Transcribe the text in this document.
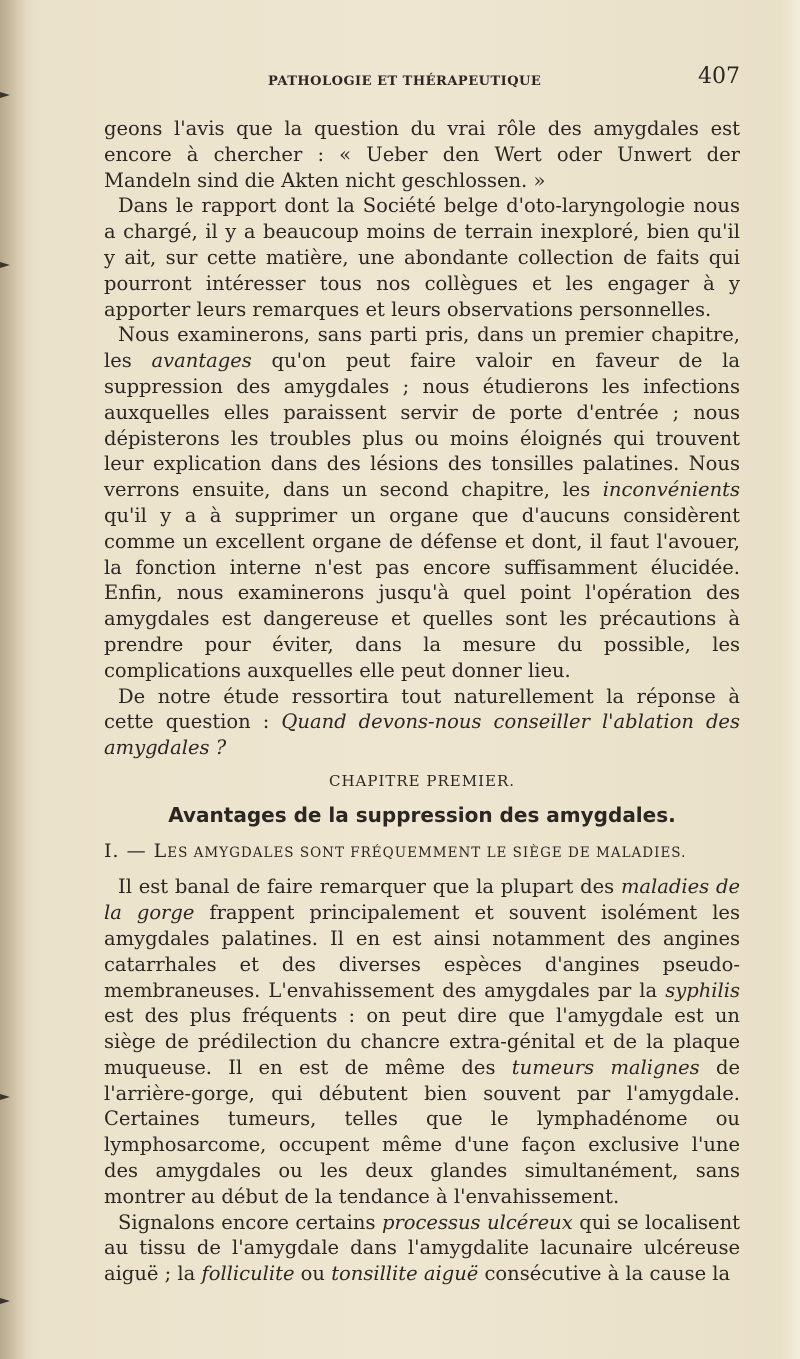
PATHOLOGIE ET THÉRAPEUTIQUE	407

geons l'avis que la question du vrai rôle des amygdales est encore à chercher : « Ueber den Wert oder Unwert der Mandeln sind die Akten nicht geschlossen. »

Dans le rapport dont la Société belge d'oto-laryngologie nous a chargé, il y a beaucoup moins de terrain inexploré, bien qu'il y ait, sur cette matière, une abondante collection de faits qui pourront intéresser tous nos collègues et les engager à y apporter leurs remarques et leurs observations personnelles.

Nous examinerons, sans parti pris, dans un premier chapitre, les avantages qu'on peut faire valoir en faveur de la suppression des amygdales ; nous étudierons les infections auxquelles elles paraissent servir de porte d'entrée ; nous dépisterons les troubles plus ou moins éloignés qui trouvent leur explication dans des lésions des tonsilles palatines. Nous verrons ensuite, dans un second chapitre, les inconvénients qu'il y a à supprimer un organe que d'aucuns considèrent comme un excellent organe de défense et dont, il faut l'avouer, la fonction interne n'est pas encore suffisamment élucidée. Enfin, nous examinerons jusqu'à quel point l'opération des amygdales est dangereuse et quelles sont les précautions à prendre pour éviter, dans la mesure du possible, les complications auxquelles elle peut donner lieu.

De notre étude ressortira tout naturellement la réponse à cette question : Quand devons-nous conseiller l'ablation des amygdales ?

CHAPITRE PREMIER.

Avantages de la suppression des amygdales.

I. — LES AMYGDALES SONT FRÉQUEMMENT LE SIÈGE DE MALADIES.

Il est banal de faire remarquer que la plupart des maladies de la gorge frappent principalement et souvent isolément les amygdales palatines. Il en est ainsi notamment des angines catarrhales et des diverses espèces d'angines pseudo-membraneuses. L'envahissement des amygdales par la syphilis est des plus fréquents : on peut dire que l'amygdale est un siège de prédilection du chancre extra-génital et de la plaque muqueuse. Il en est de même des tumeurs malignes de l'arrière-gorge, qui débutent bien souvent par l'amygdale. Certaines tumeurs, telles que le lymphadénome ou lymphosarcome, occupent même d'une façon exclusive l'une des amygdales ou les deux glandes simultanément, sans montrer au début de la tendance à l'envahissement.

Signalons encore certains processus ulcéreux qui se localisent au tissu de l'amygdale dans l'amygdalite lacunaire ulcéreuse aiguë ; la folliculite ou tonsillite aiguë consécutive à la cause la
